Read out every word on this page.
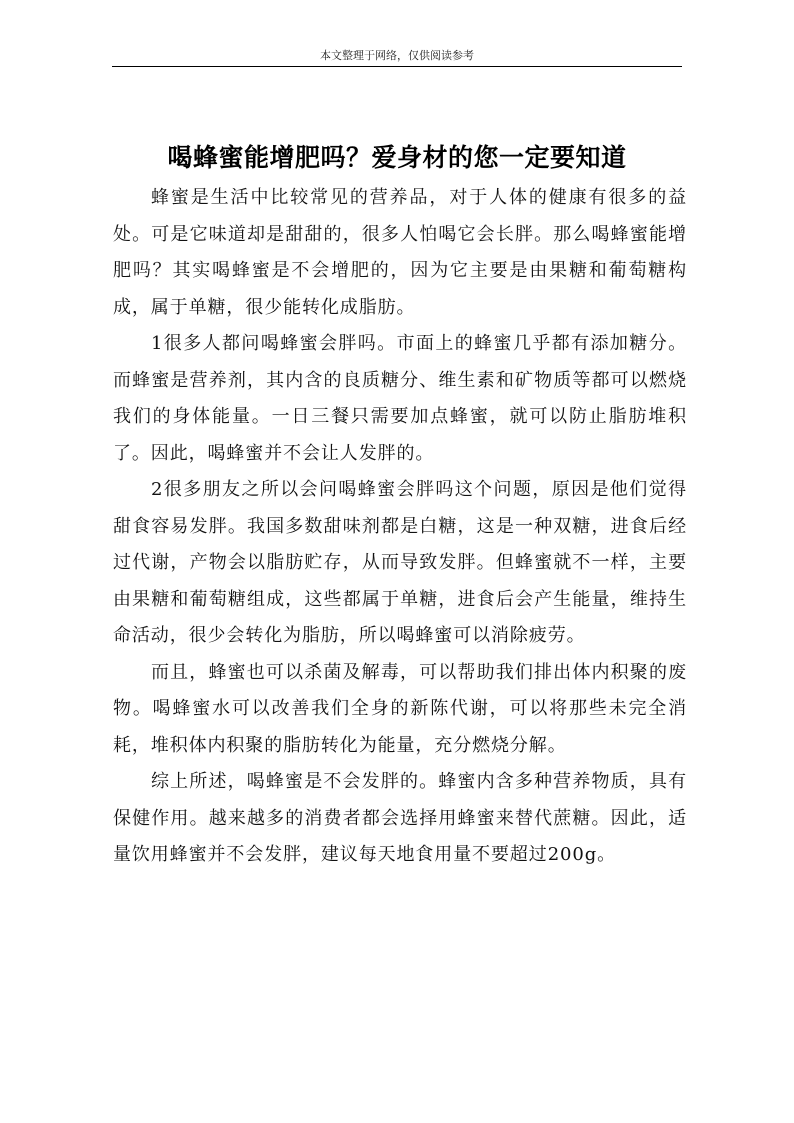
本文整理于网络，仅供阅读参考
喝蜂蜜能增肥吗？爱身材的您一定要知道

蜂蜜是生活中比较常见的营养品，对于人体的健康有很多的益处。可是它味道却是甜甜的，很多人怕喝它会长胖。那么喝蜂蜜能增肥吗？其实喝蜂蜜是不会增肥的，因为它主要是由果糖和葡萄糖构成，属于单糖，很少能转化成脂肪。

1很多人都问喝蜂蜜会胖吗。市面上的蜂蜜几乎都有添加糖分。而蜂蜜是营养剂，其内含的良质糖分、维生素和矿物质等都可以燃烧我们的身体能量。一日三餐只需要加点蜂蜜，就可以防止脂肪堆积了。因此，喝蜂蜜并不会让人发胖的。

2很多朋友之所以会问喝蜂蜜会胖吗这个问题，原因是他们觉得甜食容易发胖。我国多数甜味剂都是白糖，这是一种双糖，进食后经过代谢，产物会以脂肪贮存，从而导致发胖。但蜂蜜就不一样，主要由果糖和葡萄糖组成，这些都属于单糖，进食后会产生能量，维持生命活动，很少会转化为脂肪，所以喝蜂蜜可以消除疲劳。

而且，蜂蜜也可以杀菌及解毒，可以帮助我们排出体内积聚的废物。喝蜂蜜水可以改善我们全身的新陈代谢，可以将那些未完全消耗，堆积体内积聚的脂肪转化为能量，充分燃烧分解。

综上所述，喝蜂蜜是不会发胖的。蜂蜜内含多种营养物质，具有保健作用。越来越多的消费者都会选择用蜂蜜来替代蔗糖。因此，适量饮用蜂蜜并不会发胖，建议每天地食用量不要超过200g。
